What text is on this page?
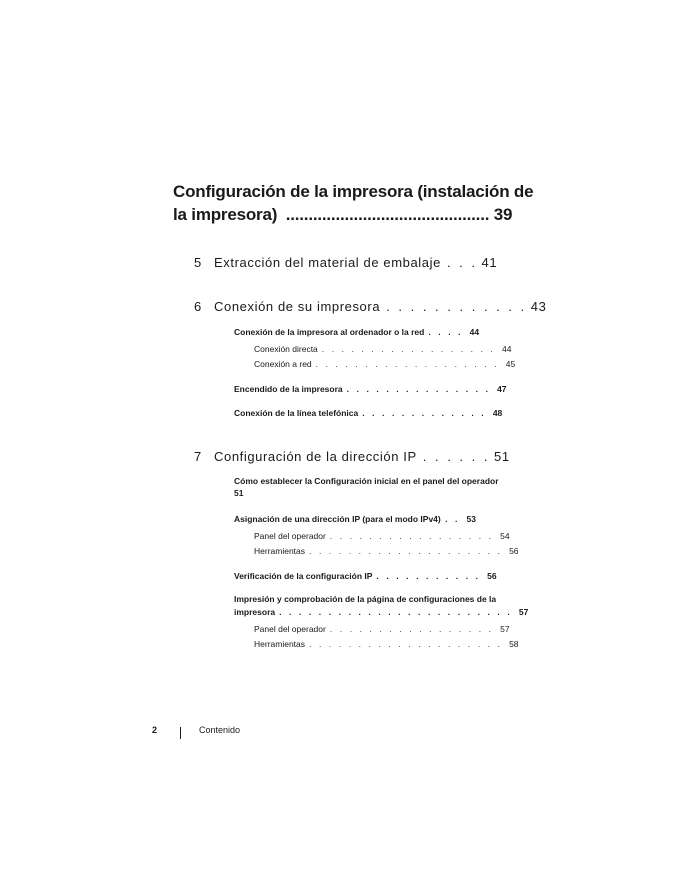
Configuración de la impresora (instalación de
la impresora) ............................................. 39
5 Extracción del material de embalaje . . . 41
6 Conexión de su impresora . . . . . . . . . . . . 43
Conexión de la impresora al ordenador o la red . . . . 44
Conexión directa . . . . . . . . . . . . . . . . . . 44
Conexión a red . . . . . . . . . . . . . . . . . . . 45
Encendido de la impresora . . . . . . . . . . . . . . . 47
Conexión de la línea telefónica . . . . . . . . . . . . . 48
7 Configuración de la dirección IP . . . . . . 51
Cómo establecer la Configuración inicial en el panel del operador
51
Asignación de una dirección IP (para el modo IPv4) . . 53
Panel del operador . . . . . . . . . . . . . . . . . 54
Herramientas . . . . . . . . . . . . . . . . . . . . 56
Verificación de la configuración IP . . . . . . . . . . . 56
Impresión y comprobación de la página de configuraciones de la
impresora . . . . . . . . . . . . . . . . . . . . . . . . 57
Panel del operador . . . . . . . . . . . . . . . . . 57
Herramientas . . . . . . . . . . . . . . . . . . . . 58
2	Contenido
